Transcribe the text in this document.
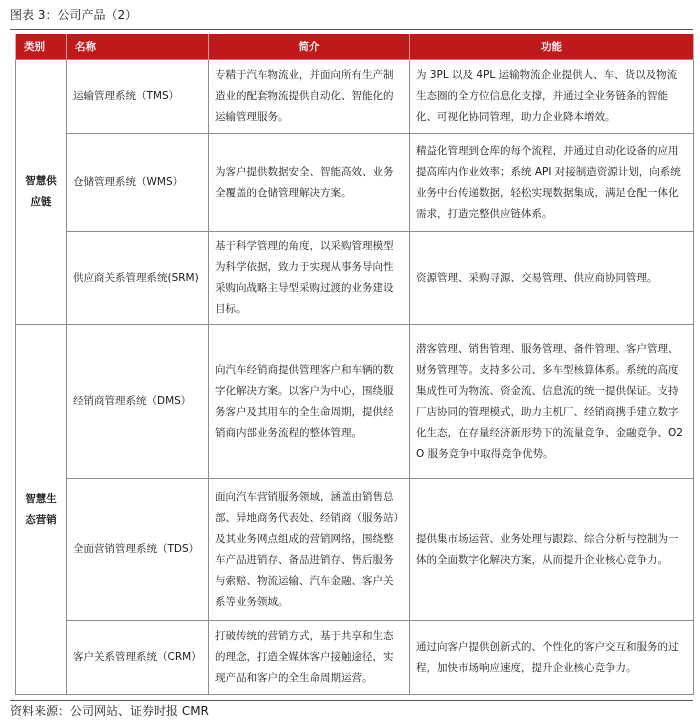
图表 3：公司产品（2）
类别	名称	简介	功能
智慧供应链	运输管理系统（TMS）	专精于汽车物流业，并面向所有生产制造业的配套物流提供自动化、智能化的运输管理服务。	为 3PL 以及 4PL 运输物流企业提供人、车、货以及物流生态圈的全方位信息化支撑，并通过全业务链条的智能化、可视化协同管理，助力企业降本增效。
	仓储管理系统（WMS）	为客户提供数据安全、智能高效、业务全覆盖的仓储管理解决方案。	精益化管理到仓库的每个流程，并通过自动化设备的应用提高库内作业效率；系统 API 对接制造资源计划，向系统业务中台传递数据，轻松实现数据集成，满足仓配一体化需求，打造完整供应链体系。
	供应商关系管理系统(SRM)	基于科学管理的角度，以采购管理模型为科学依据，致力于实现从事务导向性采购向战略主导型采购过渡的业务建设目标。	资源管理、采购寻源、交易管理、供应商协同管理。
智慧生态营销	经销商管理系统（DMS）	向汽车经销商提供管理客户和车辆的数字化解决方案。以客户为中心，围绕服务客户及其用车的全生命周期，提供经销商内部业务流程的整体管理。	潜客管理、销售管理、服务管理、备件管理、客户管理、财务管理等。支持多公司、多车型核算体系。系统的高度集成性可为物流、资金流、信息流的统一提供保证。支持厂店协同的管理模式，助力主机厂、经销商携手建立数字化生态，在存量经济新形势下的流量竞争、金融竞争、O2O 服务竞争中取得竞争优势。
	全面营销管理系统（TDS）	面向汽车营销服务领域，涵盖由销售总部、异地商务代表处、经销商（服务站）及其业务网点组成的营销网络，围绕整车产品进销存、备品进销存、售后服务与索赔、物流运输、汽车金融、客户关系等业务领域。	提供集市场运营、业务处理与跟踪、综合分析与控制为一体的全面数字化解决方案，从而提升企业核心竞争力。
	客户关系管理系统（CRM）	打破传统的营销方式，基于共享和生态的理念，打造全媒体客户接触途径，实现产品和客户的全生命周期运营。	通过向客户提供创新式的、个性化的客户交互和服务的过程，加快市场响应速度，提升企业核心竞争力。
资料来源：公司网站、证券时报 CMR
